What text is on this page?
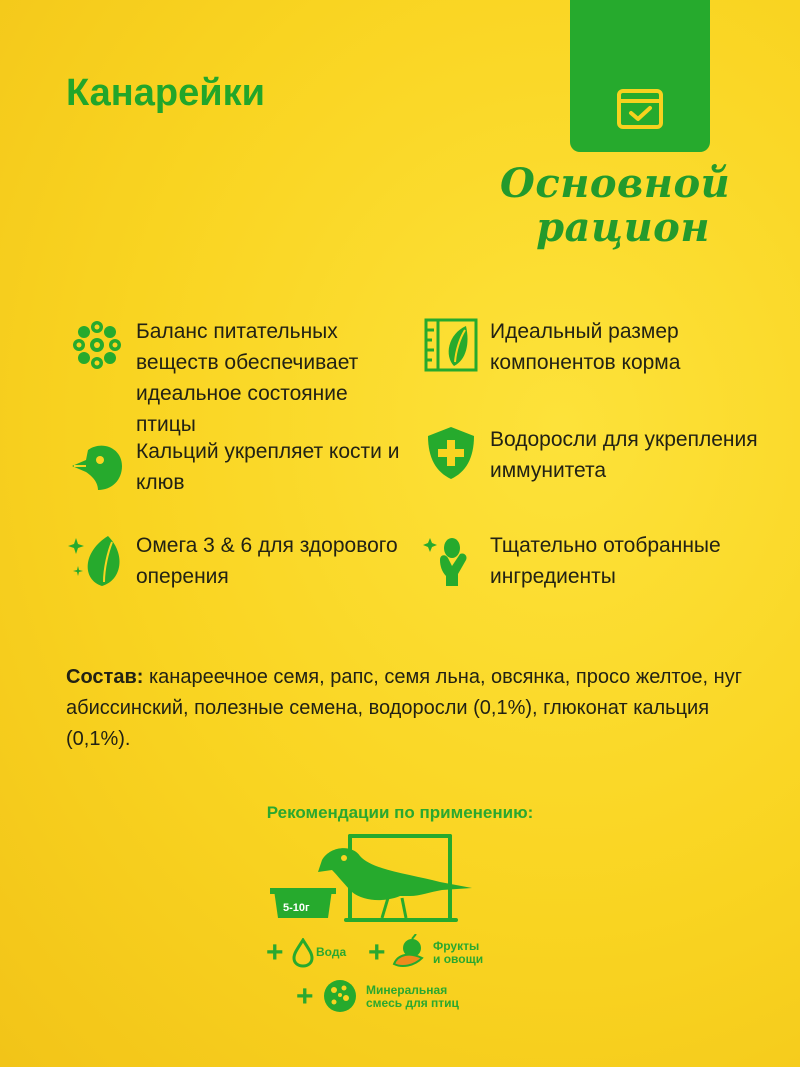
Канарейки
Основной
рацион
Баланс питательных веществ обеспечивает идеальное состояние птицы
Идеальный размер компонентов корма
Кальций укрепляет кости и клюв
Водоросли для укрепления иммунитета
Омега 3 & 6 для здорового оперения
Тщательно отобранные ингредиенты
Состав: канареечное семя, рапс, семя льна, овсянка, просо желтое, нуг абиссинский, полезные семена, водоросли (0,1%), глюконат кальция (0,1%).
Рекомендации по применению:
5-10г
+	Вода +	Фрукты
и овощи
+	Минеральная
смесь для птиц
